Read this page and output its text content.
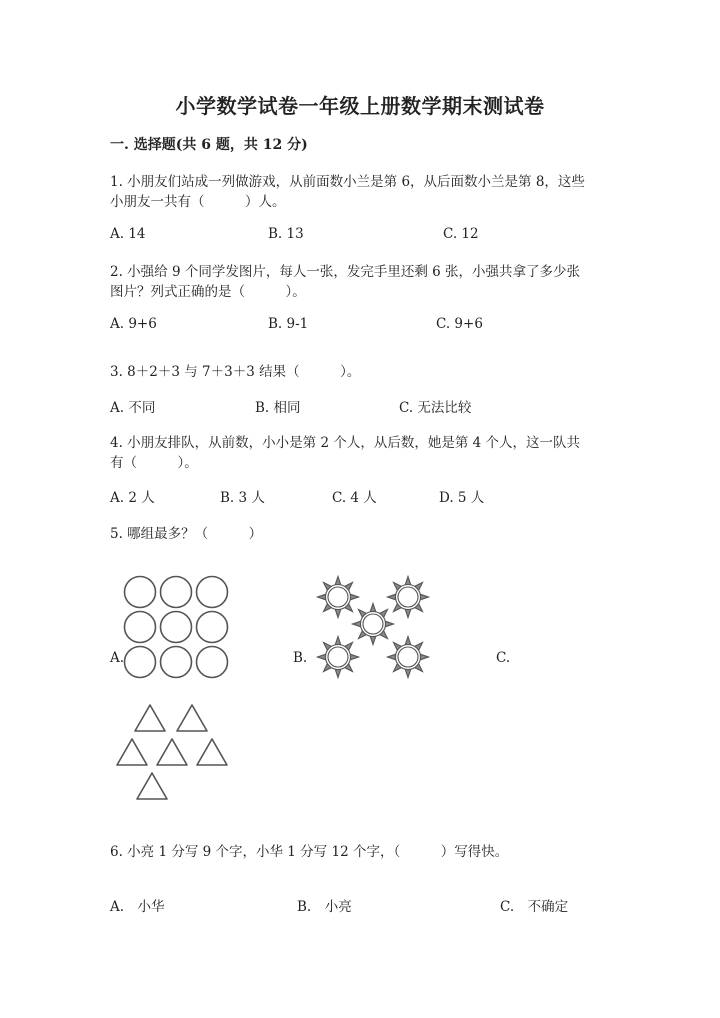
小学数学试卷一年级上册数学期末测试卷
一. 选择题(共 6 题，共 12 分)
1. 小朋友们站成一列做游戏，从前面数小兰是第 6，从后面数小兰是第 8，这些
小朋友一共有（　　　）人。
A. 14	B. 13	C. 12
2. 小强给 9 个同学发图片，每人一张，发完手里还剩 6 张，小强共拿了多少张
图片？列式正确的是（　　　）。
A. 9+6	B. 9-1	C. 9+6
3. 8＋2＋3 与 7＋3＋3 结果（　　　）。
A. 不同	B. 相同	C. 无法比较
4. 小朋友排队，从前数，小小是第 2 个人，从后数，她是第 4 个人，这一队共
有（　　　）。
A. 2 人	B. 3 人	C. 4 人	D. 5 人
5. 哪组最多？（　　　）
A.	B.	C.
6. 小亮 1 分写 9 个字，小华 1 分写 12 个字，（　　　）写得快。
A.　小华	B.　小亮	C.　不确定
